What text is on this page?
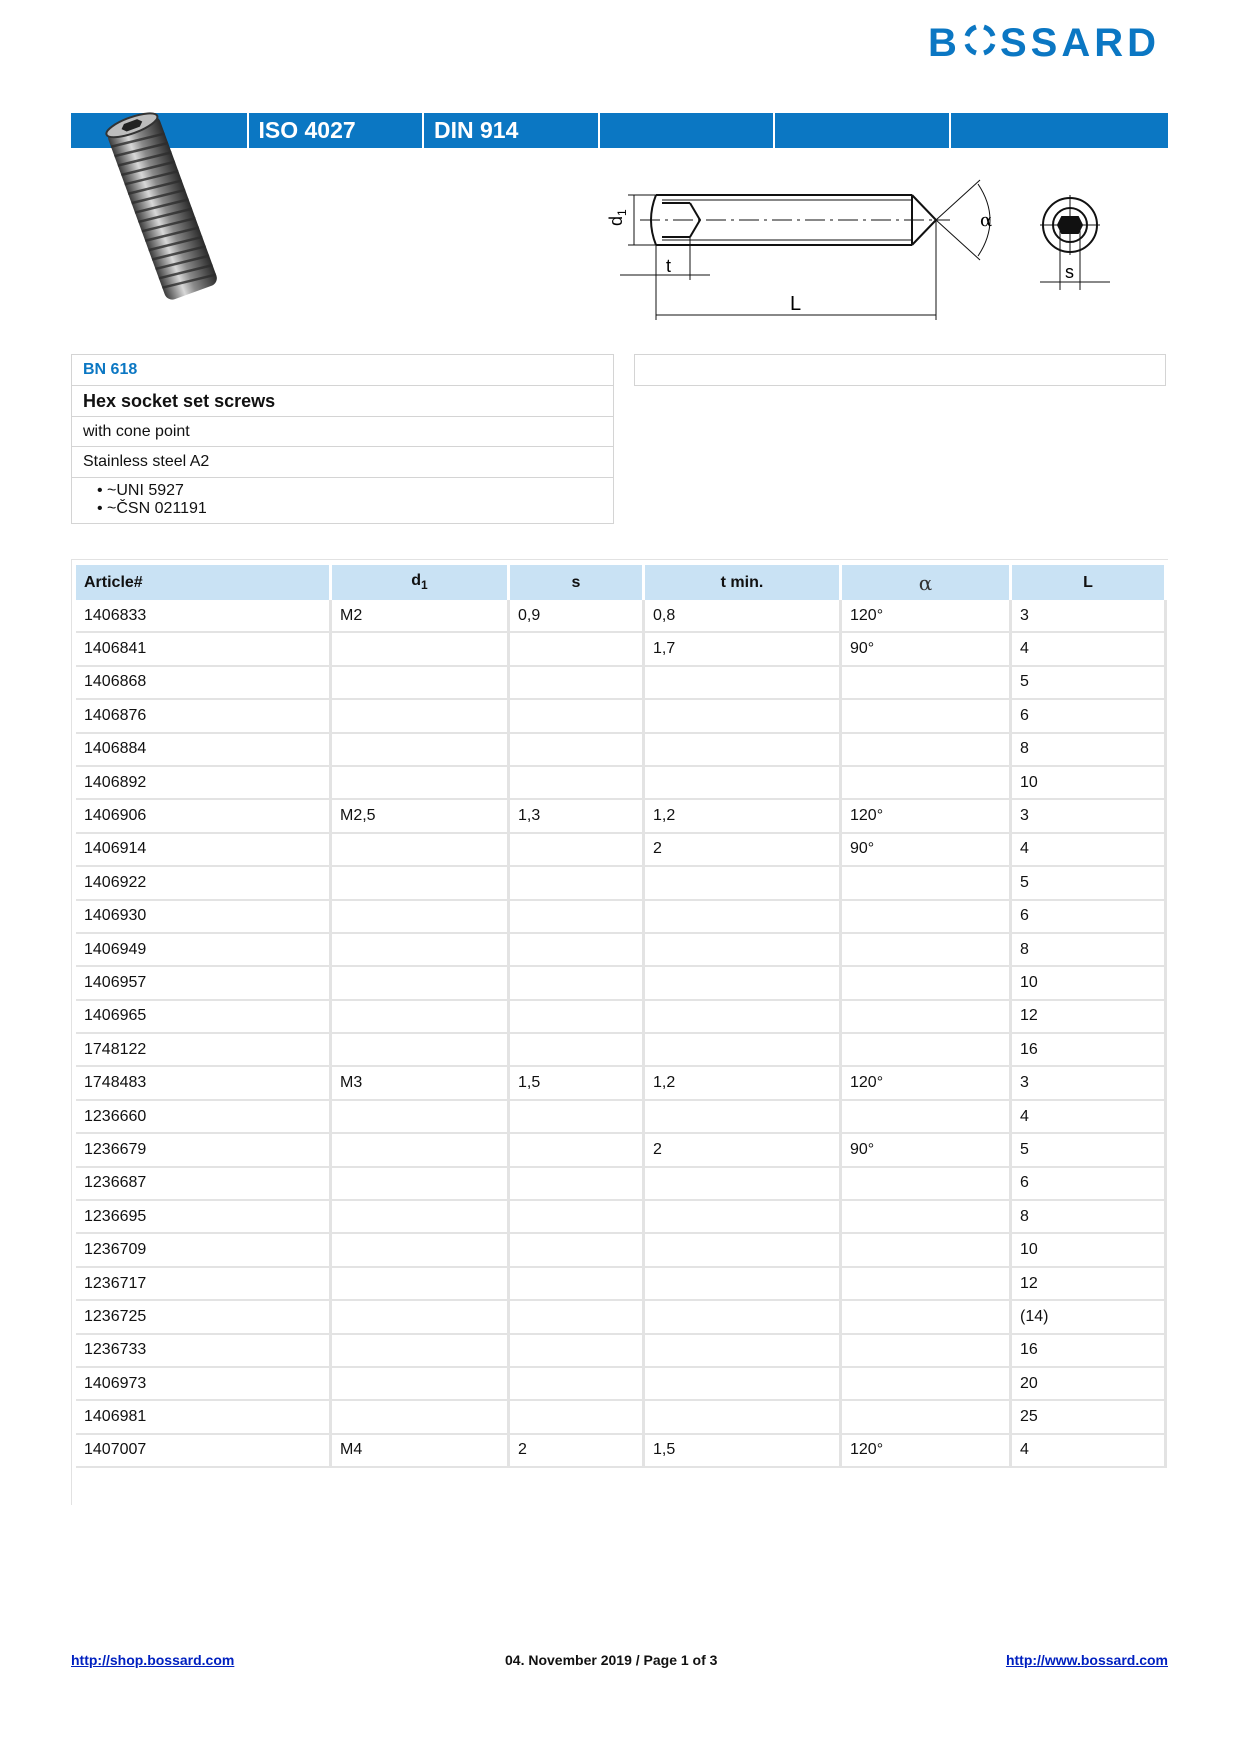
B SSARD
ISO 4027	DIN 914
$d_1$
t
L
α
s
BN 618
Hex socket set screws
with cone point
Stainless steel A2
• ~UNI 5927
• ~ČSN 021191
Article#	$d_1$	s	t min.	α	L
1406833	M2	0,9	0,8	120°	3
1406841			1,7	90°	4
1406868					5
1406876					6
1406884					8
1406892					10
1406906	M2,5	1,3	1,2	120°	3
1406914			2	90°	4
1406922					5
1406930					6
1406949					8
1406957					10
1406965					12
1748122					16
1748483	M3	1,5	1,2	120°	3
1236660					4
1236679			2	90°	5
1236687					6
1236695					8
1236709					10
1236717					12
1236725					(14)
1236733					16
1406973					20
1406981					25
1407007	M4	2	1,5	120°	4
http://shop.bossard.com	04. November 2019 / Page 1 of 3	http://www.bossard.com
